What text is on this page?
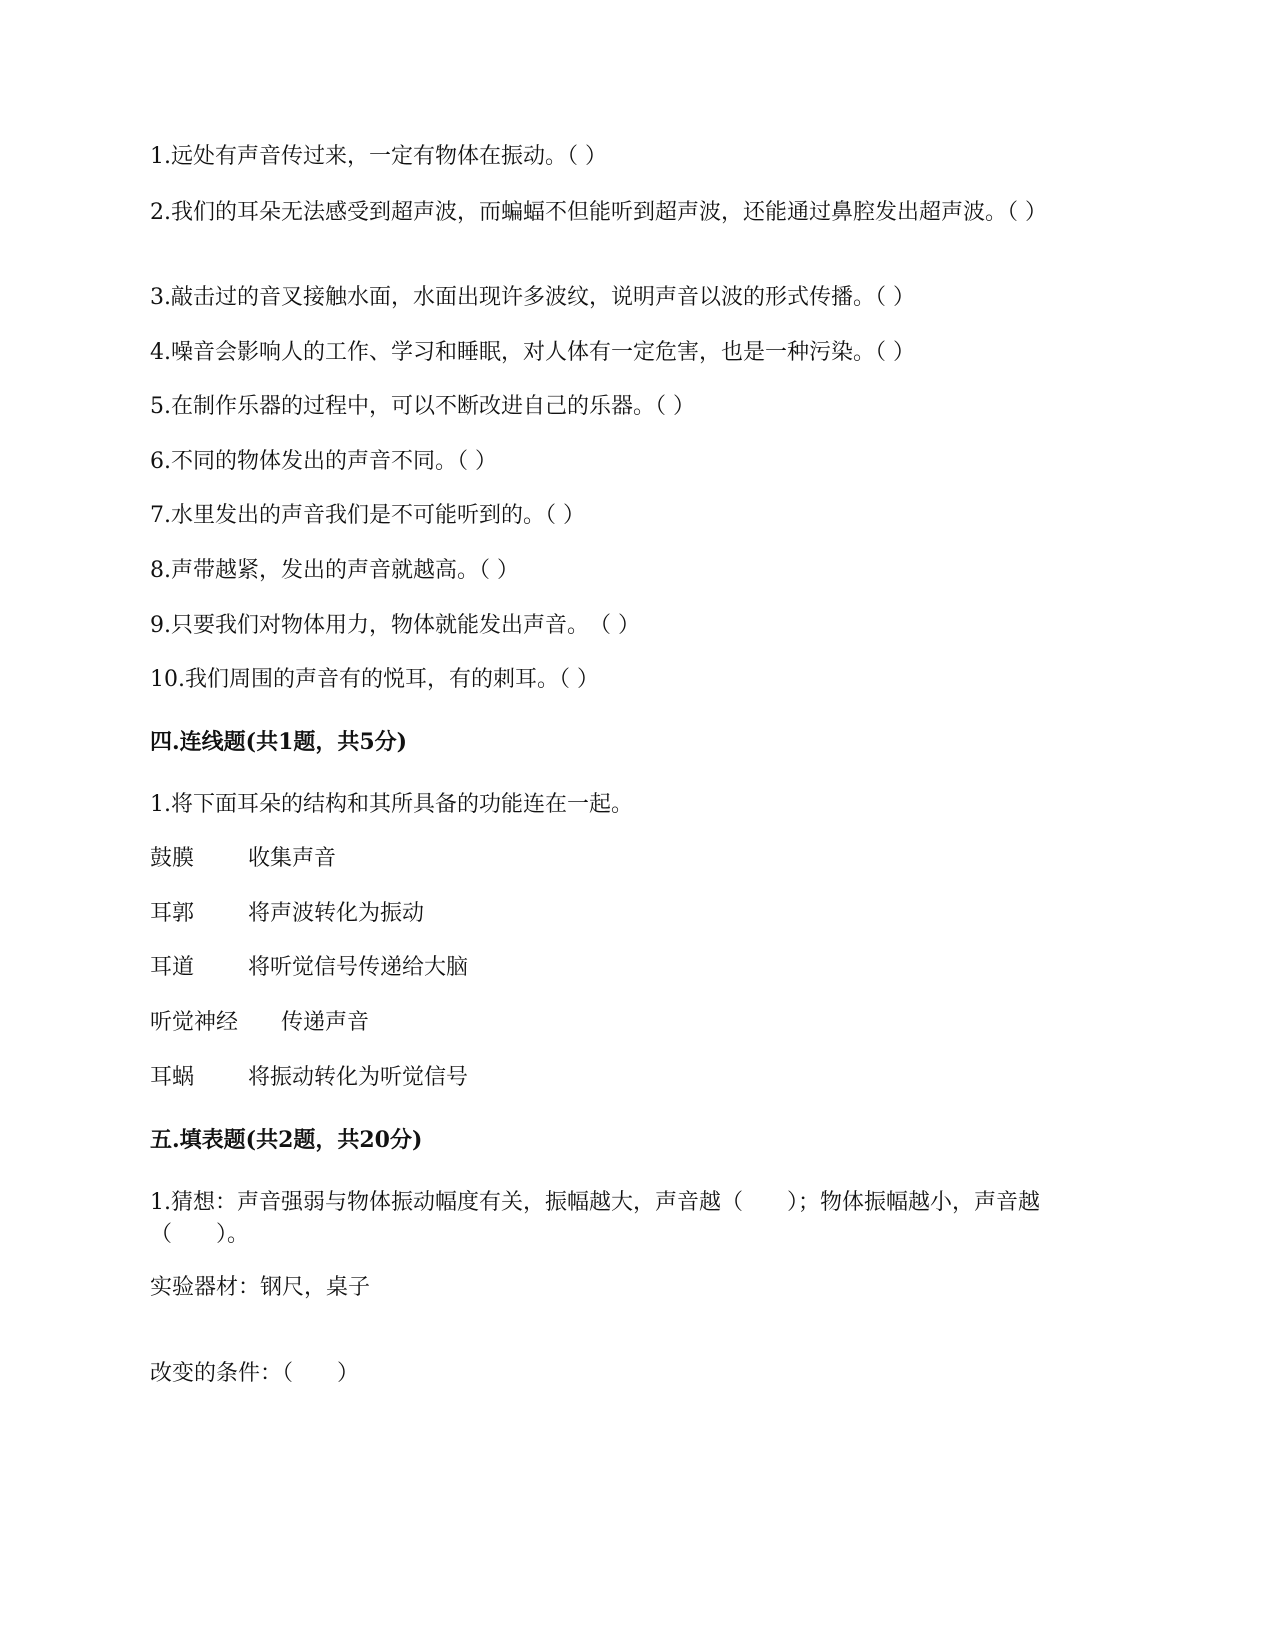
1.远处有声音传过来，一定有物体在振动。（ ）
2.我们的耳朵无法感受到超声波，而蝙蝠不但能听到超声波，还能通过鼻腔发出超声波。（ ）
3.敲击过的音叉接触水面，水面出现许多波纹，说明声音以波的形式传播。（ ）
4.噪音会影响人的工作、学习和睡眠，对人体有一定危害，也是一种污染。（ ）
5.在制作乐器的过程中，可以不断改进自己的乐器。（ ）
6.不同的物体发出的声音不同。（ ）
7.水里发出的声音我们是不可能听到的。（ ）
8.声带越紧，发出的声音就越高。（ ）
9.只要我们对物体用力，物体就能发出声音。　（ ）
10.我们周围的声音有的悦耳，有的刺耳。（ ）
四.连线题(共1题，共5分)
1.将下面耳朵的结构和其所具备的功能连在一起。
鼓膜 收集声音
耳郭 将声波转化为振动
耳道 将听觉信号传递给大脑
听觉神经 传递声音
耳蜗 将振动转化为听觉信号
五.填表题(共2题，共20分)
1.猜想：声音强弱与物体振动幅度有关，振幅越大，声音越（　　）；物体振幅越小，声音越（　　）。
实验器材：钢尺，桌子
改变的条件：（　　）
